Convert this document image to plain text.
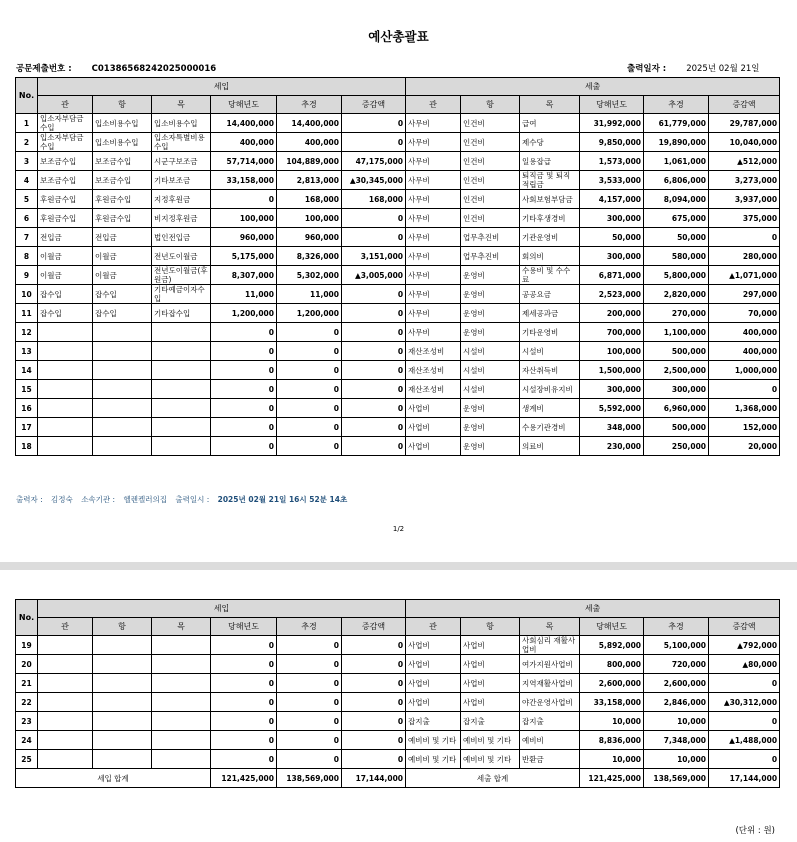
예산총괄표
공문제출번호 : C01386568242025000016	출력일자 : 2025년 02월 21일
No.	세입						세출					
	관	항	목	당해년도	추경	증감액	관	항	목	당해년도	추경	증감액
1	입소자부담금수입	입소비용수입	입소비용수입	14,400,000	14,400,000	0	사무비	인건비	급여	31,992,000	61,779,000	29,787,000
2	입소자부담금수입	입소비용수입	입소자특별비용수입	400,000	400,000	0	사무비	인건비	제수당	9,850,000	19,890,000	10,040,000
3	보조금수입	보조금수입	시군구보조금	57,714,000	104,889,000	47,175,000	사무비	인건비	일용잡급	1,573,000	1,061,000	▲512,000
4	보조금수입	보조금수입	기타보조금	33,158,000	2,813,000	▲30,345,000	사무비	인건비	퇴직금 및 퇴직적립금	3,533,000	6,806,000	3,273,000
5	후원금수입	후원금수입	지정후원금	0	168,000	168,000	사무비	인건비	사회보험부담금	4,157,000	8,094,000	3,937,000
6	후원금수입	후원금수입	비지정후원금	100,000	100,000	0	사무비	인건비	기타후생경비	300,000	675,000	375,000
7	전입금	전입금	법인전입금	960,000	960,000	0	사무비	업무추진비	기관운영비	50,000	50,000	0
8	이월금	이월금	전년도이월금	5,175,000	8,326,000	3,151,000	사무비	업무추진비	회의비	300,000	580,000	280,000
9	이월금	이월금	전년도이월금(후원금)	8,307,000	5,302,000	▲3,005,000	사무비	운영비	수용비 및 수수료	6,871,000	5,800,000	▲1,071,000
10	잡수입	잡수입	기타예금이자수입	11,000	11,000	0	사무비	운영비	공공요금	2,523,000	2,820,000	297,000
11	잡수입	잡수입	기타잡수입	1,200,000	1,200,000	0	사무비	운영비	제세공과금	200,000	270,000	70,000
12				0	0	0	사무비	운영비	기타운영비	700,000	1,100,000	400,000
13				0	0	0	재산조성비	시설비	시설비	100,000	500,000	400,000
14				0	0	0	재산조성비	시설비	자산취득비	1,500,000	2,500,000	1,000,000
15				0	0	0	재산조성비	시설비	시설장비유지비	300,000	300,000	0
16				0	0	0	사업비	운영비	생계비	5,592,000	6,960,000	1,368,000
17				0	0	0	사업비	운영비	수용기관경비	348,000	500,000	152,000
18				0	0	0	사업비	운영비	의료비	230,000	250,000	20,000
출력자 : 김정숙 소속기관 : 헬렌켈러의집 출력일시 : 2025년 02월 21일 16시 52분 14초
1/2
No.	세입						세출					
	관	항	목	당해년도	추경	증감액	관	항	목	당해년도	추경	증감액
19				0	0	0	사업비	사업비	사회심리 재활사업비	5,892,000	5,100,000	▲792,000
20				0	0	0	사업비	사업비	여가지원사업비	800,000	720,000	▲80,000
21				0	0	0	사업비	사업비	지역재활사업비	2,600,000	2,600,000	0
22				0	0	0	사업비	사업비	야간운영사업비	33,158,000	2,846,000	▲30,312,000
23				0	0	0	잡지출	잡지출	잡지출	10,000	10,000	0
24				0	0	0	예비비 및 기타	예비비 및 기타	예비비	8,836,000	7,348,000	▲1,488,000
25				0	0	0	예비비 및 기타	예비비 및 기타	반환금	10,000	10,000	0
세입 합계				121,425,000	138,569,000	17,144,000	세출 합계			121,425,000	138,569,000	17,144,000
(단위 : 원)
